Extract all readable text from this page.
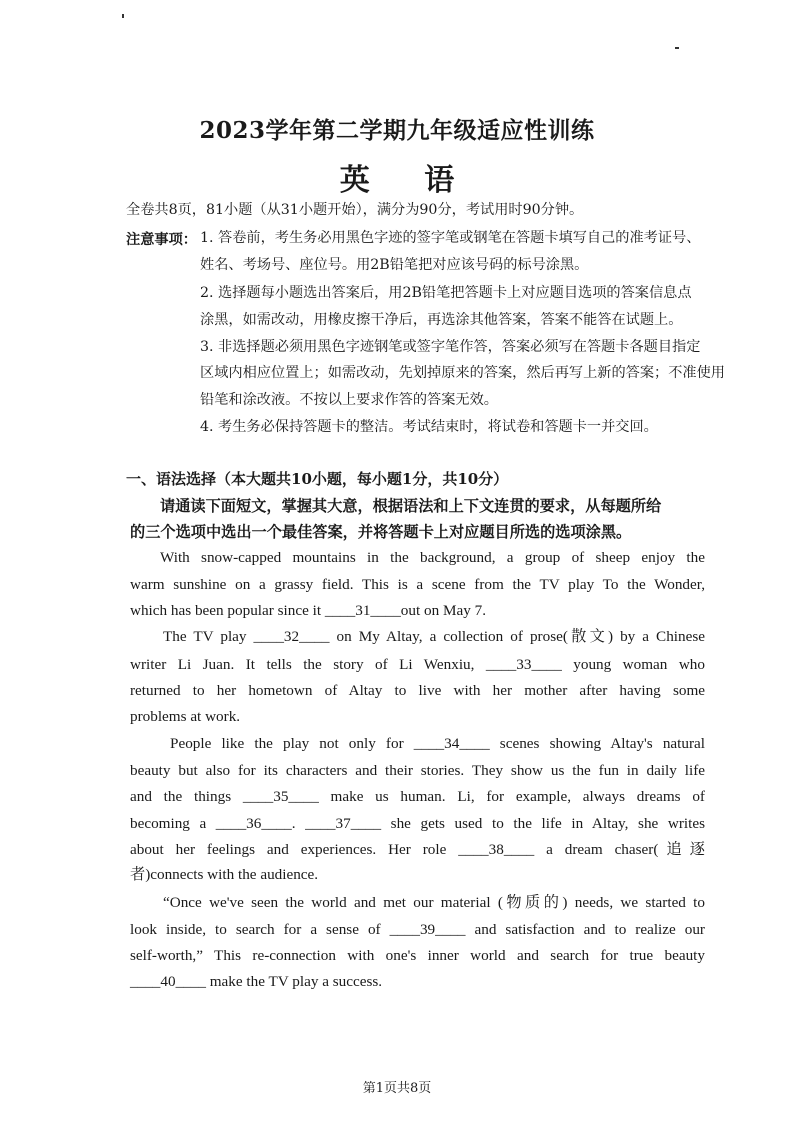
2023学年第二学期九年级适应性训练
英 语
全卷共8页，81小题（从31小题开始），满分为90分，考试用时90分钟。
注意事项： 1. 答卷前，考生务必用黑色字迹的签字笔或钢笔在答题卡填写自己的准考证号、
姓名、考场号、座位号。用2B铅笔把对应该号码的标号涂黑。
2. 选择题每小题选出答案后，用2B铅笔把答题卡上对应题目选项的答案信息点
涂黑，如需改动，用橡皮擦干净后，再选涂其他答案，答案不能答在试题上。
3. 非选择题必须用黑色字迹钢笔或签字笔作答，答案必须写在答题卡各题目指定
区域内相应位置上；如需改动，先划掉原来的答案，然后再写上新的答案；不准使用
铅笔和涂改液。不按以上要求作答的答案无效。
4. 考生务必保持答题卡的整洁。考试结束时，将试卷和答题卡一并交回。
一、语法选择（本大题共10小题，每小题1分，共10分）
请通读下面短文，掌握其大意，根据语法和上下文连贯的要求，从每题所给
的三个选项中选出一个最佳答案，并将答题卡上对应题目所选的选项涂黑。
With snow-capped mountains in the background, a group of sheep enjoy the
warm sunshine on a grassy field. This is a scene from the TV play To the Wonder,
which has been popular since it ____31____out on May 7.
The TV play ____32____ on My Altay, a collection of prose(散文) by a Chinese
writer Li Juan. It tells the story of Li Wenxiu, ____33____ young woman who
returned to her hometown of Altay to live with her mother after having some
problems at work.
People like the play not only for ____34____ scenes showing Altay's natural
beauty but also for its characters and their stories. They show us the fun in daily life
and the things ____35____ make us human. Li, for example, always dreams of
becoming a ____36____. ____37____ she gets used to the life in Altay, she writes
about her feelings and experiences. Her role ____38____ a dream chaser(追逐
者)connects with the audience.
“Once we've seen the world and met our material (物质的) needs, we started to
look inside, to search for a sense of ____39____ and satisfaction and to realize our
self-worth,” This re-connection with one's inner world and search for true beauty
____40____ make the TV play a success.
第1页共8页
